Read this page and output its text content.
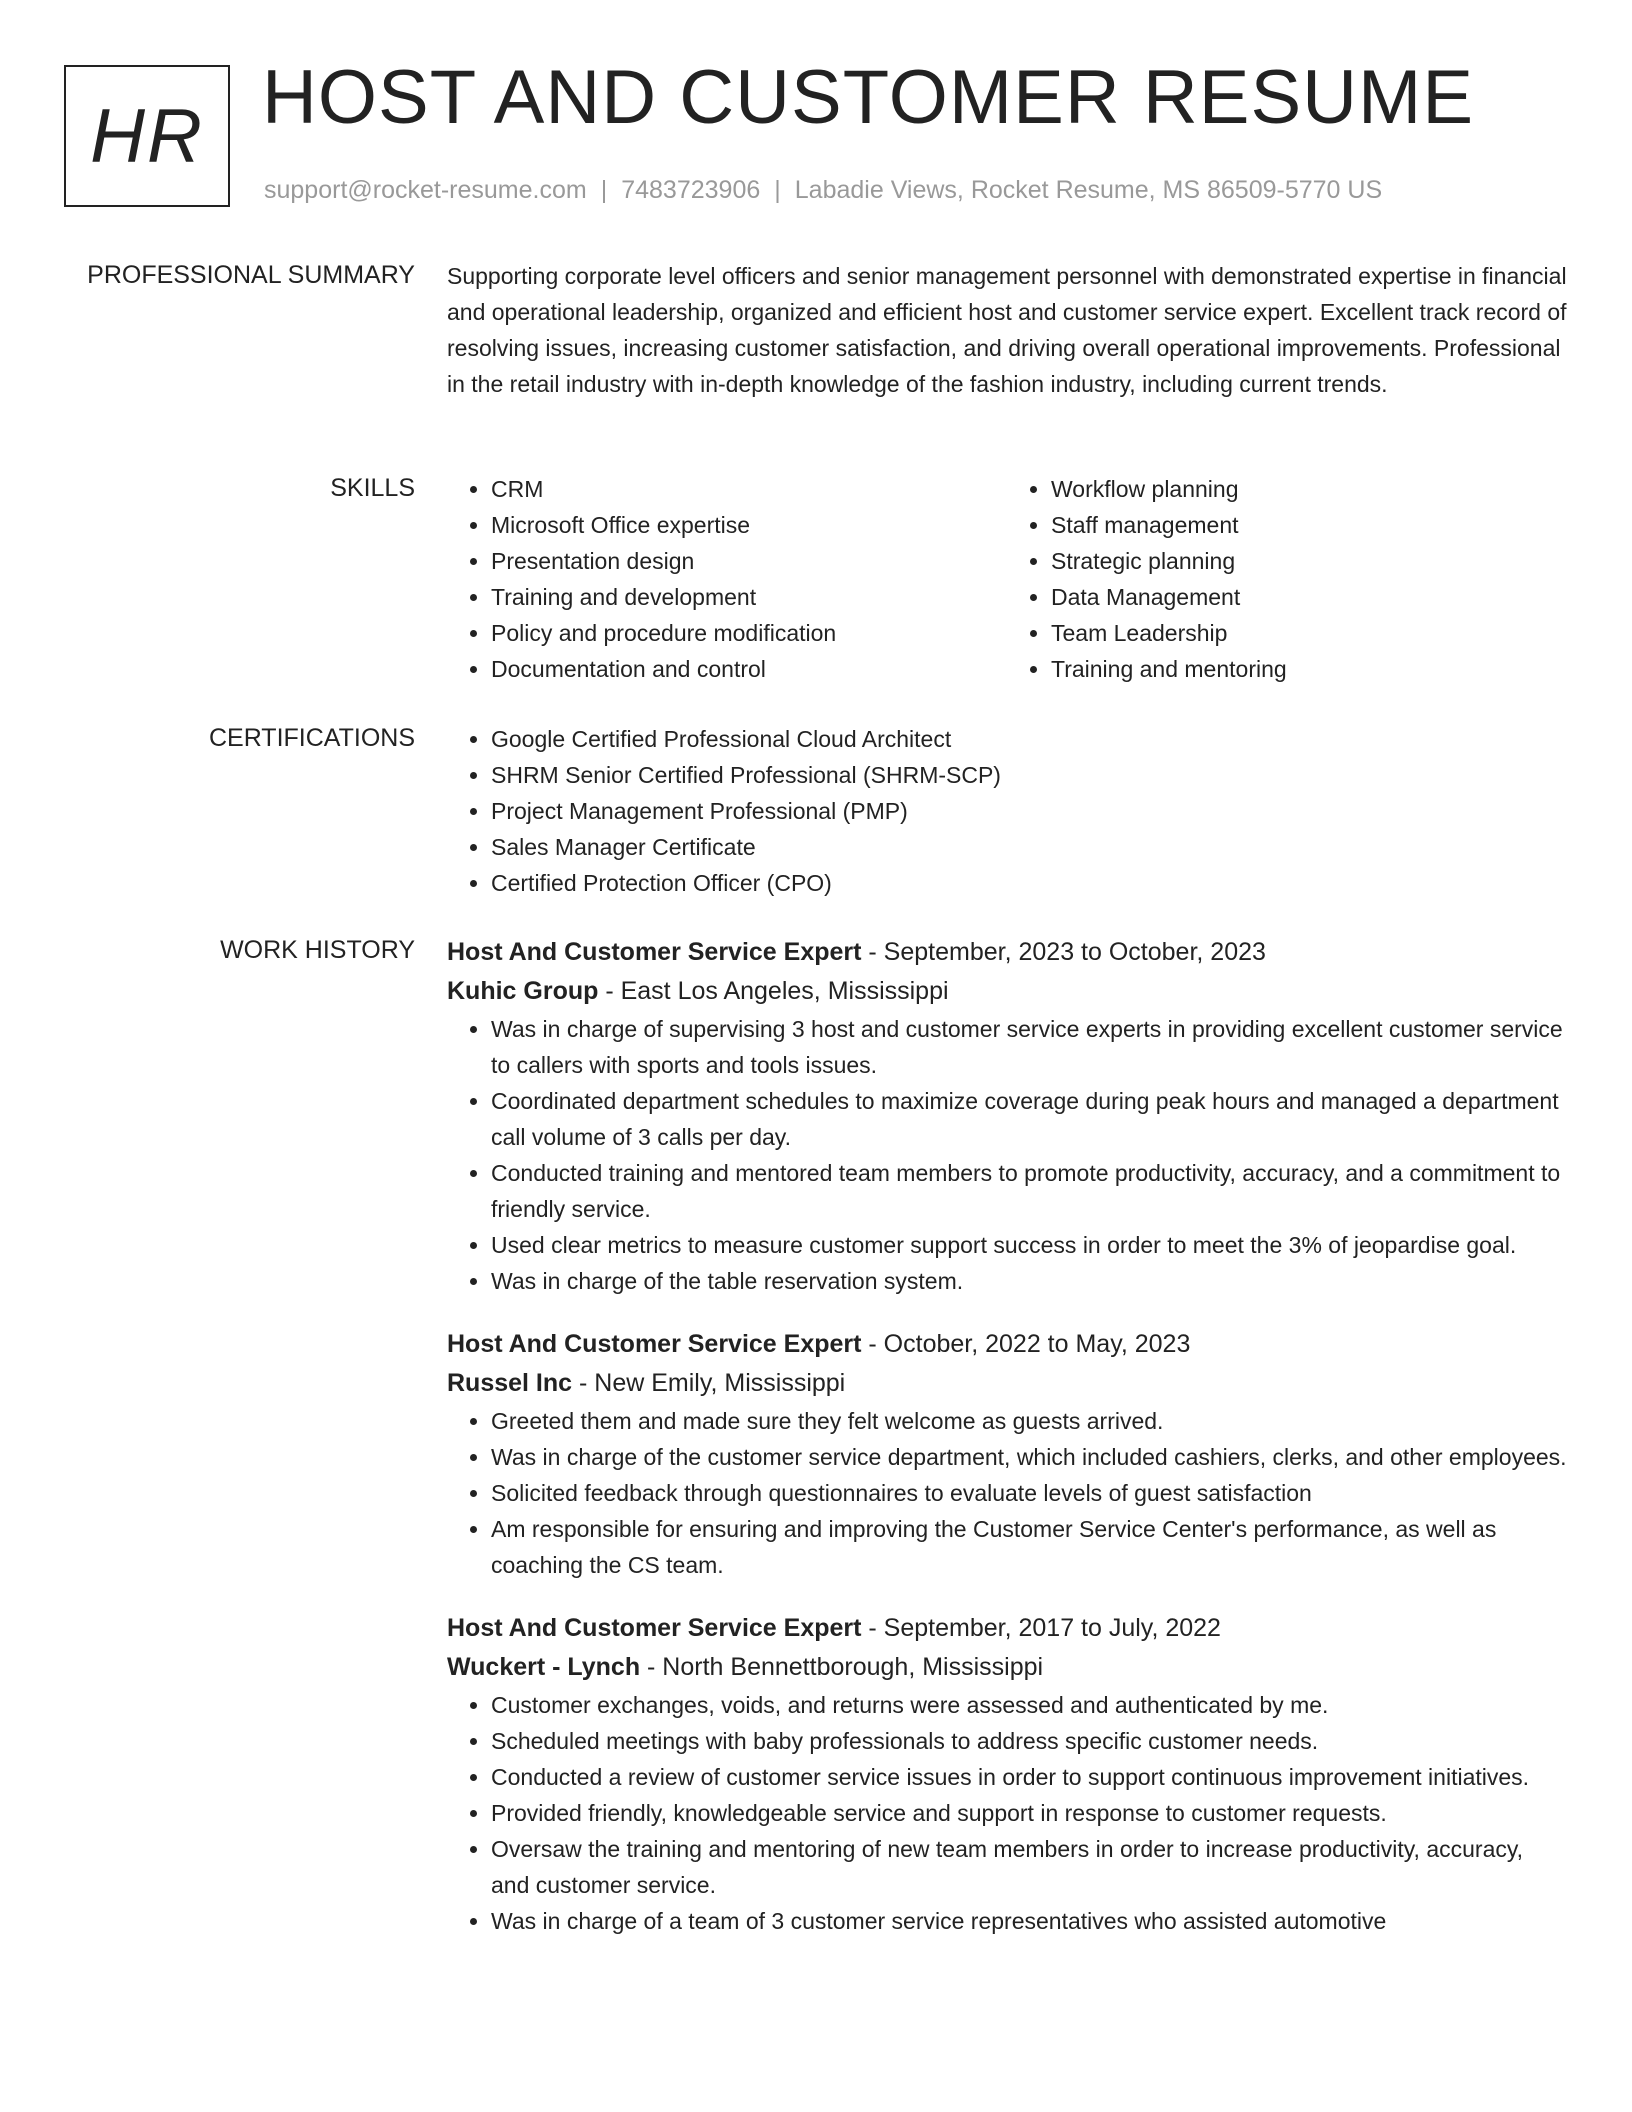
HR HOST AND CUSTOMER RESUME
support@rocket-resume.com | 7483723906 | Labadie Views, Rocket Resume, MS 86509-5770 US
PROFESSIONAL SUMMARY Supporting corporate level officers and senior management personnel with demonstrated expertise in financial and operational leadership, organized and efficient host and customer service expert. Excellent track record of resolving issues, increasing customer satisfaction, and driving overall operational improvements. Professional in the retail industry with in-depth knowledge of the fashion industry, including current trends.

SKILLS	• CRM
• Microsoft Office expertise
• Presentation design
• Training and development
• Policy and procedure modification
• Documentation and control
• Workflow planning
• Staff management
• Strategic planning
• Data Management
• Team Leadership
• Training and mentoring
CERTIFICATIONS	• Google Certified Professional Cloud Architect
• SHRM Senior Certified Professional (SHRM-SCP)
• Project Management Professional (PMP)
• Sales Manager Certificate
• Certified Protection Officer (CPO)
WORK HISTORY Host And Customer Service Expert - September, 2023 to October, 2023
Kuhic Group - East Los Angeles, Mississippi
• Was in charge of supervising 3 host and customer service experts in providing excellent customer service to callers with sports and tools issues.
• Coordinated department schedules to maximize coverage during peak hours and managed a department call volume of 3 calls per day.
• Conducted training and mentored team members to promote productivity, accuracy, and a commitment to friendly service.
• Used clear metrics to measure customer support success in order to meet the 3% of jeopardise goal.
• Was in charge of the table reservation system.
Host And Customer Service Expert - October, 2022 to May, 2023
Russel Inc - New Emily, Mississippi
• Greeted them and made sure they felt welcome as guests arrived.
• Was in charge of the customer service department, which included cashiers, clerks, and other employees.
• Solicited feedback through questionnaires to evaluate levels of guest satisfaction
• Am responsible for ensuring and improving the Customer Service Center's performance, as well as coaching the CS team.
Host And Customer Service Expert - September, 2017 to July, 2022
Wuckert - Lynch - North Bennettborough, Mississippi
• Customer exchanges, voids, and returns were assessed and authenticated by me.
• Scheduled meetings with baby professionals to address specific customer needs.
• Conducted a review of customer service issues in order to support continuous improvement initiatives.
• Provided friendly, knowledgeable service and support in response to customer requests.
• Oversaw the training and mentoring of new team members in order to increase productivity, accuracy, and customer service.
• Was in charge of a team of 3 customer service representatives who assisted automotive
